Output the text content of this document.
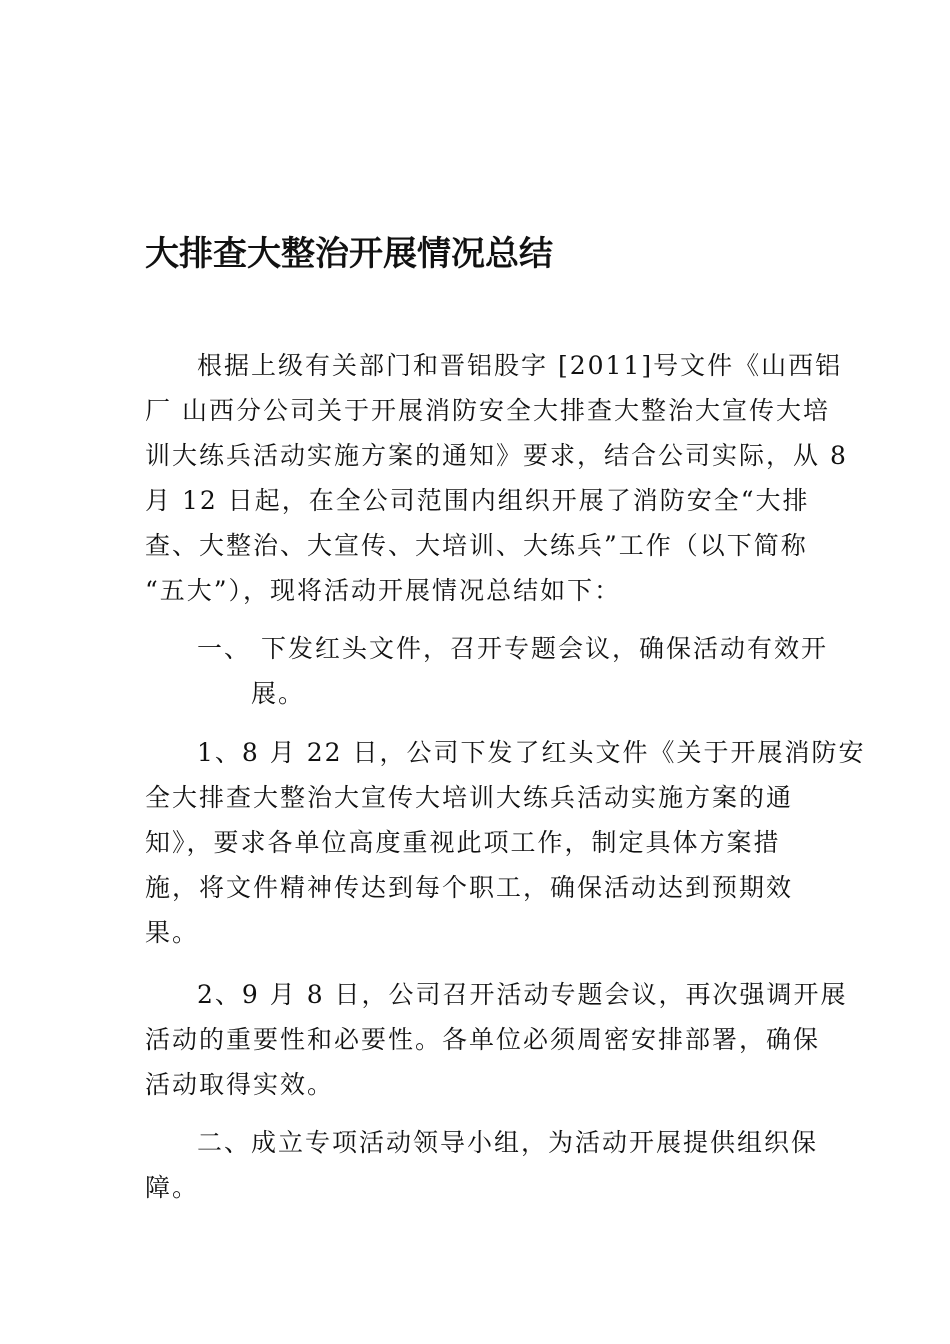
大排查大整治开展情况总结
根据上级有关部门和晋铝股字 [2011]号文件《山西铝
厂 山西分公司关于开展消防安全大排查大整治大宣传大培
训大练兵活动实施方案的通知》要求，结合公司实际，从 8
月 12 日起，在全公司范围内组织开展了消防安全“大排
查、大整治、大宣传、大培训、大练兵”工作（以下简称
“五大”），现将活动开展情况总结如下：
一、 下发红头文件，召开专题会议，确保活动有效开
展。
1、8 月 22 日，公司下发了红头文件《关于开展消防安
全大排查大整治大宣传大培训大练兵活动实施方案的通
知》，要求各单位高度重视此项工作，制定具体方案措
施，将文件精神传达到每个职工，确保活动达到预期效
果。
2、9 月 8 日，公司召开活动专题会议，再次强调开展
活动的重要性和必要性。各单位必须周密安排部署，确保
活动取得实效。
二、成立专项活动领导小组，为活动开展提供组织保
障。
